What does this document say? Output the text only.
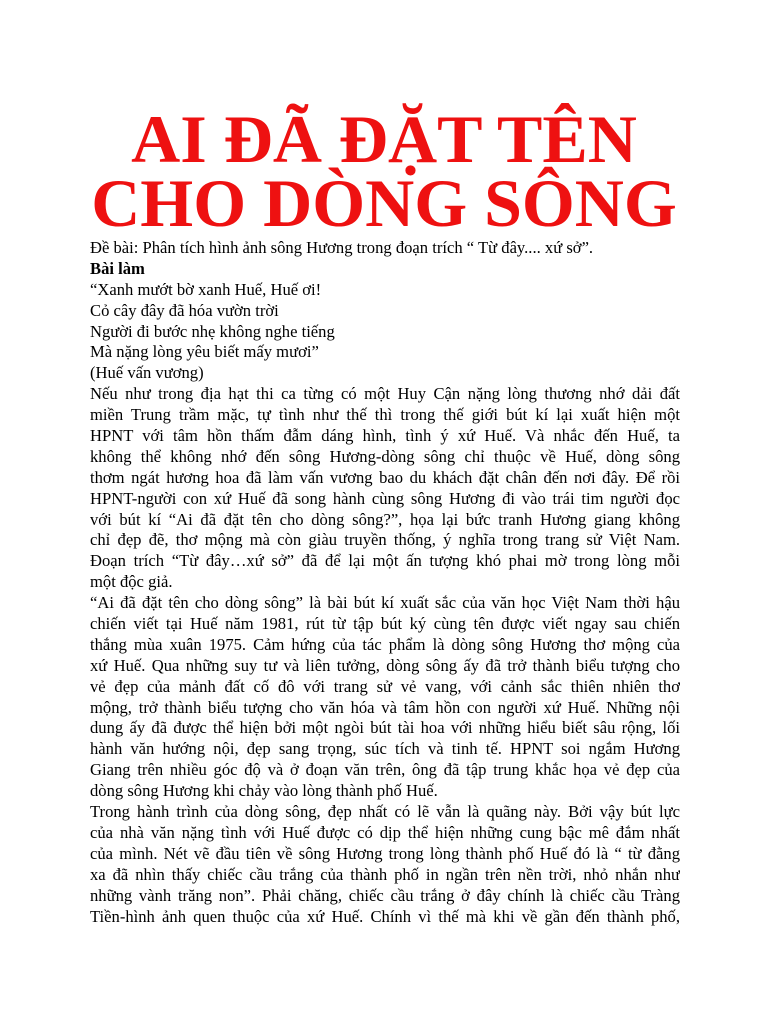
AI ĐÃ ĐẶT TÊN
CHO DÒNG SÔNG
Đề bài: Phân tích hình ảnh sông Hương trong đoạn trích “ Từ đây.... xứ sở”.
Bài làm
“Xanh mướt bờ xanh Huế, Huế ơi!
Cỏ cây đây đã hóa vườn trời
Người đi bước nhẹ không nghe tiếng
Mà nặng lòng yêu biết mấy mươi”
(Huế vấn vương)
Nếu như trong địa hạt thi ca từng có một Huy Cận nặng lòng thương nhớ dải đất
miền Trung trầm mặc, tự tình như thế thì trong thế giới bút kí lại xuất hiện một
HPNT với tâm hồn thấm đẫm dáng hình, tình ý xứ Huế. Và nhắc đến Huế, ta
không thể không nhớ đến sông Hương-dòng sông chỉ thuộc về Huế, dòng sông
thơm ngát hương hoa đã làm vấn vương bao du khách đặt chân đến nơi đây. Để rồi
HPNT-người con xứ Huế đã song hành cùng sông Hương đi vào trái tim người đọc
với bút kí “Ai đã đặt tên cho dòng sông?”, họa lại bức tranh Hương giang không
chỉ đẹp đẽ, thơ mộng mà còn giàu truyền thống, ý nghĩa trong trang sử Việt Nam.
Đoạn trích “Từ đây…xứ sở” đã để lại một ấn tượng khó phai mờ trong lòng mỗi
một độc giả.
“Ai đã đặt tên cho dòng sông” là bài bút kí xuất sắc của văn học Việt Nam thời hậu
chiến viết tại Huế năm 1981, rút từ tập bút ký cùng tên được viết ngay sau chiến
thắng mùa xuân 1975. Cảm hứng của tác phẩm là dòng sông Hương thơ mộng của
xứ Huế. Qua những suy tư và liên tưởng, dòng sông ấy đã trở thành biểu tượng cho
vẻ đẹp của mảnh đất cố đô với trang sử vẻ vang, với cảnh sắc thiên nhiên thơ
mộng, trở thành biểu tượng cho văn hóa và tâm hồn con người xứ Huế. Những nội
dung ấy đã được thể hiện bởi một ngòi bút tài hoa với những hiểu biết sâu rộng, lối
hành văn hướng nội, đẹp sang trọng, súc tích và tinh tế. HPNT soi ngắm Hương
Giang trên nhiều góc độ và ở đoạn văn trên, ông đã tập trung khắc họa vẻ đẹp của
dòng sông Hương khi chảy vào lòng thành phố Huế.
Trong hành trình của dòng sông, đẹp nhất có lẽ vẫn là quãng này. Bởi vậy bút lực
của nhà văn nặng tình với Huế được có dịp thể hiện những cung bậc mê đắm nhất
của mình. Nét vẽ đầu tiên về sông Hương trong lòng thành phố Huế đó là “ từ đằng
xa đã nhìn thấy chiếc cầu trắng của thành phố in ngần trên nền trời, nhỏ nhắn như
những vành trăng non”. Phải chăng, chiếc cầu trắng ở đây chính là chiếc cầu Tràng
Tiền-hình ảnh quen thuộc của xứ Huế. Chính vì thế mà khi về gần đến thành phố,
